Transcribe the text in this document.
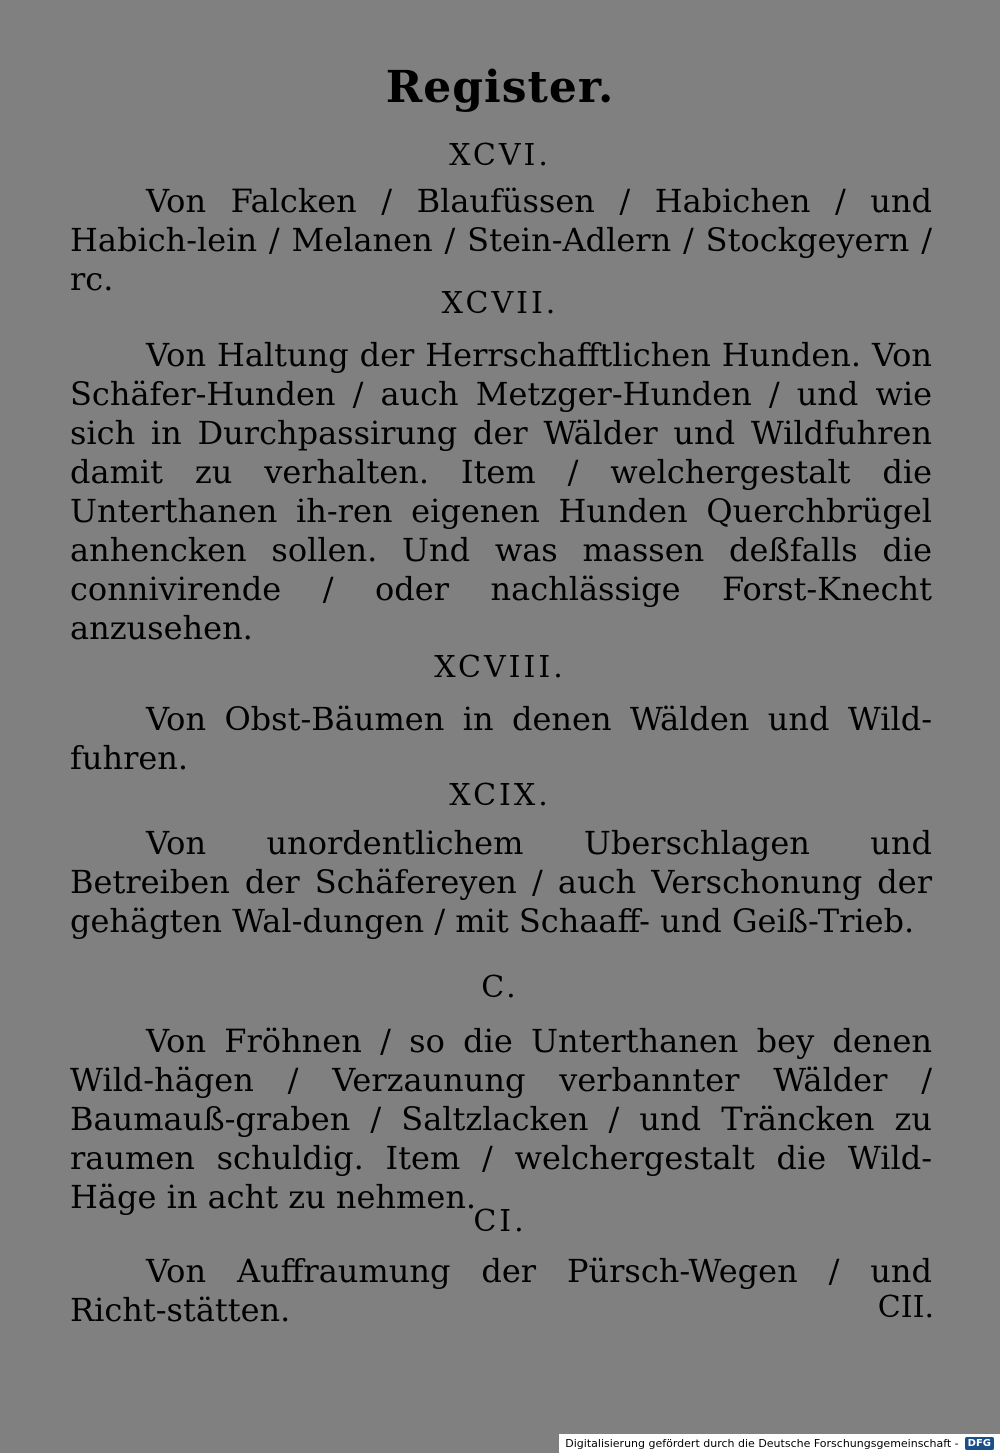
Register.
XCVI.

Von Falcken / Blaufüssen / Habichen / und Habich-lein / Melanen / Stein-Adlern / Stockgeyern / rc.

XCVII.

Von Haltung der Herrschafftlichen Hunden. Von Schäfer-Hunden / auch Metzger-Hunden / und wie sich in Durchpassirung der Wälder und Wildfuhren damit zu verhalten. Item / welchergestalt die Unterthanen ih-ren eigenen Hunden Querchbrügel anhencken sollen. Und was massen deßfalls die connivirende / oder nachlässige Forst-Knecht anzusehen.

XCVIII.

Von Obst-Bäumen in denen Wälden und Wild-fuhren.

XCIX.

Von unordentlichem Uberschlagen und Betreiben der Schäfereyen / auch Verschonung der gehägten Wal-dungen / mit Schaaff- und Geiß-Trieb.

C.

Von Fröhnen / so die Unterthanen bey denen Wild-hägen / Verzaunung verbannter Wälder / Baumauß-graben / Saltzlacken / und Träncken zu raumen schuldig. Item / welchergestalt die Wild-Häge in acht zu nehmen.

CI.

Von Auffraumung der Pürsch-Wegen / und Richt-stätten.	CII.
Digitalisierung gefördert durch die Deutsche Forschungsgemeinschaft - DFG
